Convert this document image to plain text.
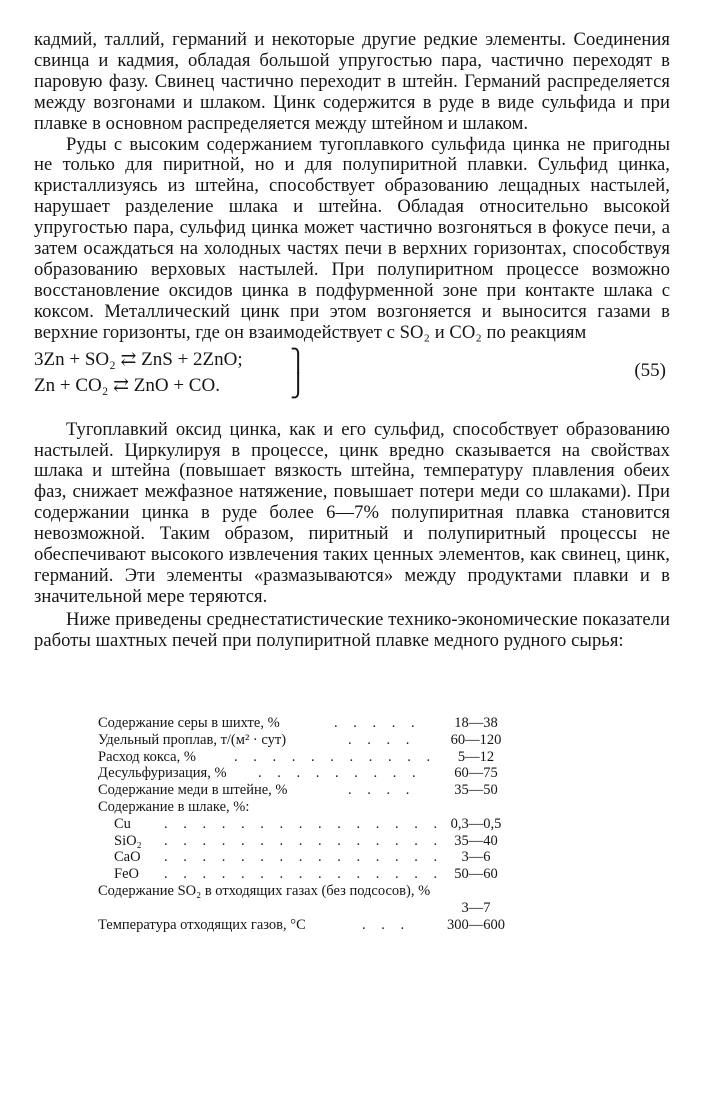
кадмий, таллий, германий и некоторые другие редкие элементы. Соединения свинца и кадмия, обладая большой упругостью пара, частично переходят в паровую фазу. Свинец частично переходит в штейн. Германий распределяется между возгонами и шлаком. Цинк содержится в руде в виде сульфида и при плавке в основном распределяется между штейном и шлаком.

Руды с высоким содержанием тугоплавкого сульфида цинка не пригодны не только для пиритной, но и для полупиритной плавки. Сульфид цинка, кристаллизуясь из штейна, способствует образованию лещадных настылей, нарушает разделение шлака и штейна. Обладая относительно высокой упругостью пара, сульфид цинка может частично возгоняться в фокусе печи, а затем осаждаться на холодных частях печи в верхних горизонтах, способствуя образованию верховых настылей. При полупиритном процессе возможно восстановление оксидов цинка в подфурменной зоне при контакте шлака с коксом. Металлический цинк при этом возгоняется и выносится газами в верхние горизонты, где он взаимодействует с SO₂ и CO₂ по реакциям

3Zn + SO₂ ⇄ ZnS + 2ZnO;
Zn + CO₂ ⇄ ZnO + CO.
⎫
⎭
(55)

Тугоплавкий оксид цинка, как и его сульфид, способствует образованию настылей. Циркулируя в процессе, цинк вредно сказывается на свойствах шлака и штейна (повышает вязкость штейна, температуру плавления обеих фаз, снижает межфазное натяжение, повышает потери меди со шлаками). При содержании цинка в руде более 6—7% полупиритная плавка становится невозможной. Таким образом, пиритный и полупиритный процессы не обеспечивают высокого извлечения таких ценных элементов, как свинец, цинк, германий. Эти элементы «размазываются» между продуктами плавки и в значительной мере теряются.

Ниже приведены среднестатистические технико-экономические показатели работы шахтных печей при полупиритной плавке медного рудного сырья:

Содержание серы в шихте, %	. . . . .	18—38
Удельный проплав, т/(м² · сут)	. . . .	60—120
Расход кокса, %	. . . . . . . . . . .	5—12
Десульфуризация, % . . . . . . . . .	60—75
Содержание меди в штейне, %	. . . .	35—50
Содержание в шлаке, %:
Cu . . . . . . . . . . . . . . . 0,3—0,5
SiO₂ . . . . . . . . . . . . . . . 35—40
CaO . . . . . . . . . . . . . . .	3—6
FeO . . . . . . . . . . . . . . . 50—60
Содержание SO₂ в отходящих газах (без подсосов), %
3—7
Температура отходящих газов, °C	. . .	300—600
